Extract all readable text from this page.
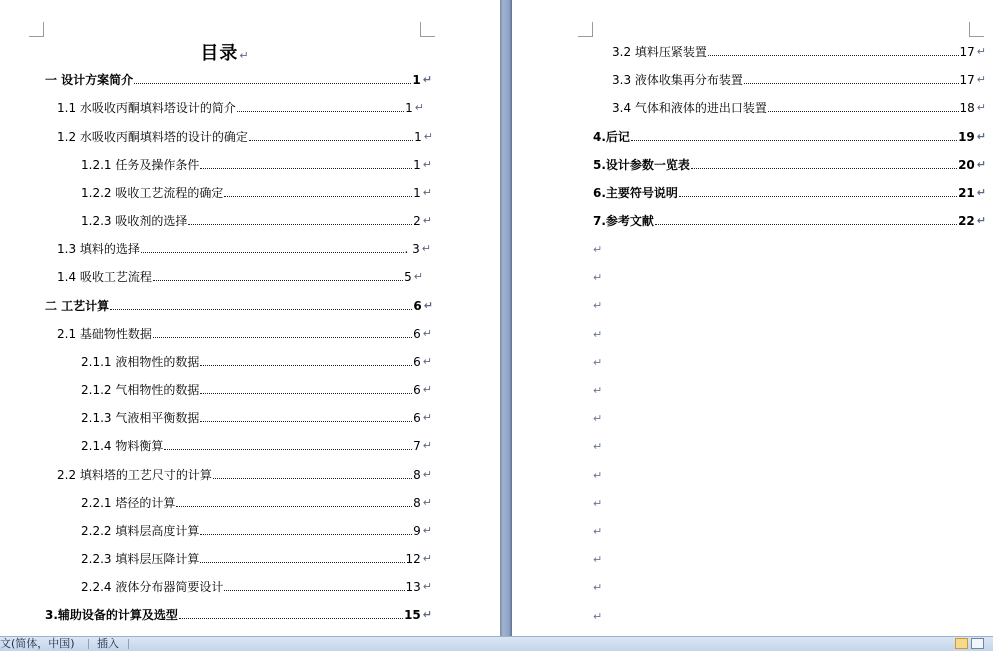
目录↵
一 设计方案简介	1 ↵
1.1 水吸收丙酮填料塔设计的简介	1 ↵
1.2 水吸收丙酮填料塔的设计的确定	1 ↵
1.2.1 任务及操作条件	1 ↵
1.2.2 吸收工艺流程的确定	1 ↵
1.2.3 吸收剂的选择	2 ↵
1.3 填料的选择	. 3 ↵
1.4 吸收工艺流程	5 ↵
二 工艺计算	6 ↵
2.1 基础物性数据	6 ↵
2.1.1 液相物性的数据	6 ↵
2.1.2 气相物性的数据	6 ↵
2.1.3 气液相平衡数据	6 ↵
2.1.4 物料衡算	7 ↵
2.2 填料塔的工艺尺寸的计算	8 ↵
2.2.1 塔径的计算	8 ↵
2.2.2 填料层高度计算	9 ↵
2.2.3 填料层压降计算	12 ↵
2.2.4 液体分布器简要设计	13 ↵
3.辅助设备的计算及选型	15 ↵
3.2 填料压紧装置	17 ↵
3.3 液体收集再分布装置	17 ↵
3.4 气体和液体的进出口装置	18 ↵
4.后记	19 ↵
5.设计参数一览表	20 ↵
6.主要符号说明	21 ↵
7.参考文献	22 ↵
↵
↵
↵
↵
↵
↵
↵
↵
↵
↵
↵
↵
↵
↵
文(简体，中国) 插入
